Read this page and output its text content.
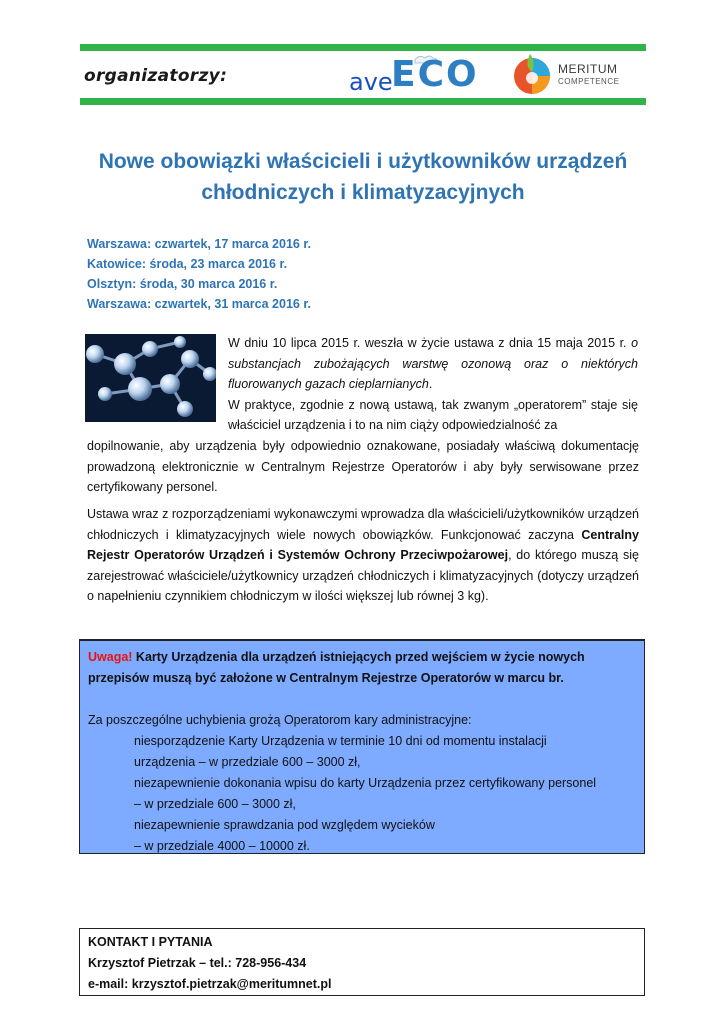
organizatorzy:	ave
ECO	MERITUM
COMPETENCE
Nowe obowiązki właścicieli i użytkowników urządzeń
chłodniczych i klimatyzacyjnych
Warszawa: czwartek, 17 marca 2016 r.
Katowice: środa, 23 marca 2016 r.
Olsztyn: środa, 30 marca 2016 r.
Warszawa: czwartek, 31 marca 2016 r.
W dniu 10 lipca 2015 r. weszła w życie ustawa z dnia 15 maja 2015 r. o substancjach zubożających warstwę ozonową oraz o niektórych fluorowanych gazach cieplarnianych.
W praktyce, zgodnie z nową ustawą, tak zwanym „operatorem” staje się właściciel urządzenia i to na nim ciąży odpowiedzialność za
dopilnowanie, aby urządzenia były odpowiednio oznakowane, posiadały właściwą dokumentację prowadzoną elektronicznie w Centralnym Rejestrze Operatorów i aby były serwisowane przez certyfikowany personel.
Ustawa wraz z rozporządzeniami wykonawczymi wprowadza dla właścicieli/użytkowników urządzeń chłodniczych i klimatyzacyjnych wiele nowych obowiązków. Funkcjonować zaczyna Centralny Rejestr Operatorów Urządzeń i Systemów Ochrony Przeciwpożarowej, do którego muszą się zarejestrować właściciele/użytkownicy urządzeń chłodniczych i klimatyzacyjnych (dotyczy urządzeń o napełnieniu czynnikiem chłodniczym w ilości większej lub równej 3 kg).
Uwaga! Karty Urządzenia dla urządzeń istniejących przed wejściem w życie nowych przepisów muszą być założone w Centralnym Rejestrze Operatorów w marcu br.
Za poszczególne uchybienia grożą Operatorom kary administracyjne:
niesporządzenie Karty Urządzenia w terminie 10 dni od momentu instalacji
urządzenia – w przedziale 600 – 3000 zł,
niezapewnienie dokonania wpisu do karty Urządzenia przez certyfikowany personel
– w przedziale 600 – 3000 zł,
niezapewnienie sprawdzania pod względem wycieków
– w przedziale 4000 – 10000 zł.
KONTAKT I PYTANIA
Krzysztof Pietrzak – tel.: 728-956-434
e-mail: krzysztof.pietrzak@meritumnet.pl
